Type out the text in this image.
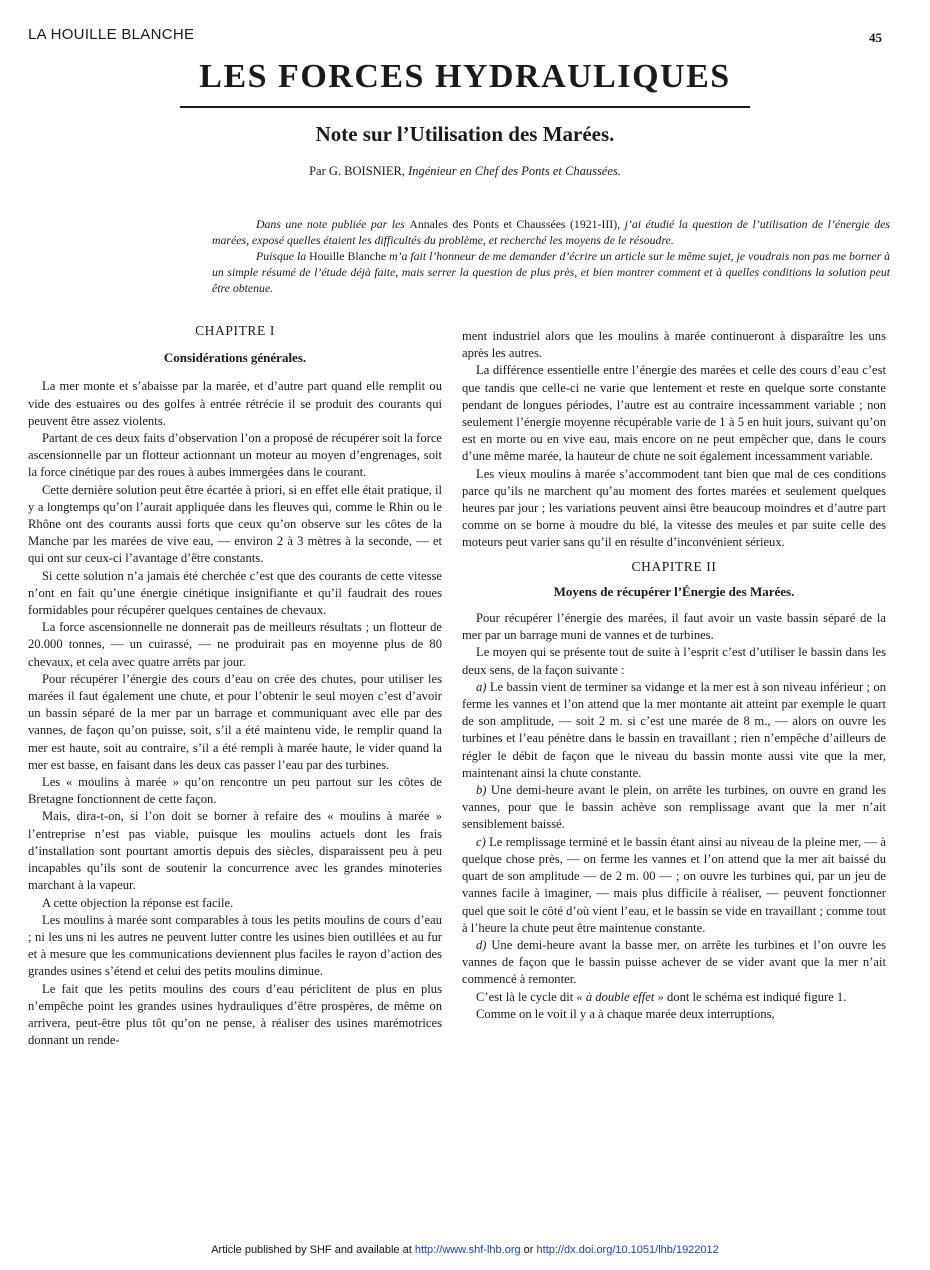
LA HOUILLE BLANCHE	45
LES FORCES HYDRAULIQUES
Note sur l’Utilisation des Marées.
Par G. BOISNIER, Ingénieur en Chef des Ponts et Chaussées.

Dans une note publiée par les Annales des Ponts et Chaussées (1921-III), j’ai étudié la question de l’utilisation de l’énergie des marées, exposé quelles étaient les difficultés du problème, et recherché les moyens de le résoudre.

Puisque la Houille Blanche m’a fait l’honneur de me demander d’écrire un article sur le même sujet, je voudrais non pas me borner à un simple résumé de l’étude déjà faite, mais serrer la question de plus près, et bien montrer comment et à quelles conditions la solution peut être obtenue.

CHAPITRE I
Considérations générales.

La mer monte et s’abaisse par la marée, et d’autre part quand elle remplit ou vide des estuaires ou des golfes à entrée rétrécie il se produit des courants qui peuvent être assez violents.

Partant de ces deux faits d’observation l’on a proposé de récupérer soit la force ascensionnelle par un flotteur actionnant un moteur au moyen d’engrenages, soit la force cinétique par des roues à aubes immergées dans le courant.

Cette dernière solution peut être écartée à priori, si en effet elle était pratique, il y a longtemps qu’on l’aurait appliquée dans les fleuves qui, comme le Rhin ou le Rhône ont des courants aussi forts que ceux qu’on observe sur les côtes de la Manche par les marées de vive eau, — environ 2 à 3 mètres à la seconde, — et qui ont sur ceux-ci l’avantage d’être constants.

Si cette solution n’a jamais été cherchée c’est que des courants de cette vitesse n’ont en fait qu’une énergie cinétique insignifiante et qu’il faudrait des roues formidables pour récupérer quelques centaines de chevaux.

La force ascensionnelle ne donnerait pas de meilleurs résultats ; un flotteur de 20.000 tonnes, — un cuirassé, — ne produirait pas en moyenne plus de 80 chevaux, et cela avec quatre arrêts par jour.

Pour récupérer l’énergie des cours d’eau on crée des chutes, pour utiliser les marées il faut également une chute, et pour l’obtenir le seul moyen c’est d’avoir un bassin séparé de la mer par un barrage et communiquant avec elle par des vannes, de façon qu’on puisse, soit, s’il a été maintenu vide, le remplir quand la mer est haute, soit au contraire, s’il a été rempli à marée haute, le vider quand la mer est basse, en faisant dans les deux cas passer l’eau par des turbines.

Les « moulins à marée » qu’on rencontre un peu partout sur les côtes de Bretagne fonctionnent de cette façon.

Mais, dira-t-on, si l’on doit se borner à refaire des « moulins à marée » l’entreprise n’est pas viable, puisque les moulins actuels dont les frais d’installation sont pourtant amortis depuis des siècles, disparaissent peu à peu incapables qu’ils sont de soutenir la concurrence avec les grandes minoteries marchant à la vapeur.

A cette objection la réponse est facile.

Les moulins à marée sont comparables à tous les petits moulins de cours d’eau ; ni les uns ni les autres ne peuvent lutter contre les usines bien outillées et au fur et à mesure que les communications deviennent plus faciles le rayon d’action des grandes usines s’étend et celui des petits moulins diminue.

Le fait que les petits moulins des cours d’eau périclitent de plus en plus n’empêche point les grandes usines hydrauliques d’être prospères, de même on arrivera, peut-être plus tôt qu’on ne pense, à réaliser des usines marémotrices donnant un rende-

ment industriel alors que les moulins à marée continueront à disparaître les uns après les autres.

La différence essentielle entre l’énergie des marées et celle des cours d’eau c’est que tandis que celle-ci ne varie que lentement et reste en quelque sorte constante pendant de longues périodes, l’autre est au contraire incessamment variable ; non seulement l’énergie moyenne récupérable varie de 1 à 5 en huit jours, suivant qu’on est en morte ou en vive eau, mais encore on ne peut empêcher que, dans le cours d’une même marée, la hauteur de chute ne soit également incessamment variable.

Les vieux moulins à marée s’accommodent tant bien que mal de ces conditions parce qu’ils ne marchent qu’au moment des fortes marées et seulement quelques heures par jour ; les variations peuvent ainsi être beaucoup moindres et d’autre part comme on se borne à moudre du blé, la vitesse des meules et par suite celle des moteurs peut varier sans qu’il en résulte d’inconvénient sérieux.

CHAPITRE II
Moyens de récupérer l’Énergie des Marées.

Pour récupérer l’énergie des marées, il faut avoir un vaste bassin séparé de la mer par un barrage muni de vannes et de turbines.

Le moyen qui se présente tout de suite à l’esprit c’est d’utiliser le bassin dans les deux sens, de la façon suivante :

a) Le bassin vient de terminer sa vidange et la mer est à son niveau inférieur ; on ferme les vannes et l’on attend que la mer montante ait atteint par exemple le quart de son amplitude, — soit 2 m. si c’est une marée de 8 m., — alors on ouvre les turbines et l’eau pénètre dans le bassin en travaillant ; rien n’empêche d’ailleurs de régler le débit de façon que le niveau du bassin monte aussi vite que la mer, maintenant ainsi la chute constante.

b) Une demi-heure avant le plein, on arrête les turbines, on ouvre en grand les vannes, pour que le bassin achève son remplissage avant que la mer n’ait sensiblement baissé.

c) Le remplissage terminé et le bassin étant ainsi au niveau de la pleine mer, — à quelque chose près, — on ferme les vannes et l’on attend que la mer ait baissé du quart de son amplitude — de 2 m. 00 — ; on ouvre les turbines qui, par un jeu de vannes facile à imaginer, — mais plus difficile à réaliser, — peuvent fonctionner quel que soit le côté d’où vient l’eau, et le bassin se vide en travaillant ; comme tout à l’heure la chute peut être maintenue constante.

d) Une demi-heure avant la basse mer, on arrête les turbines et l’on ouvre les vannes de façon que le bassin puisse achever de se vider avant que la mer n’ait commencé à remonter.

C’est là le cycle dit « à double effet » dont le schéma est indiqué figure 1.

Comme on le voit il y a à chaque marée deux interruptions,

Article published by SHF and available at http://www.shf-lhb.org or http://dx.doi.org/10.1051/lhb/1922012
